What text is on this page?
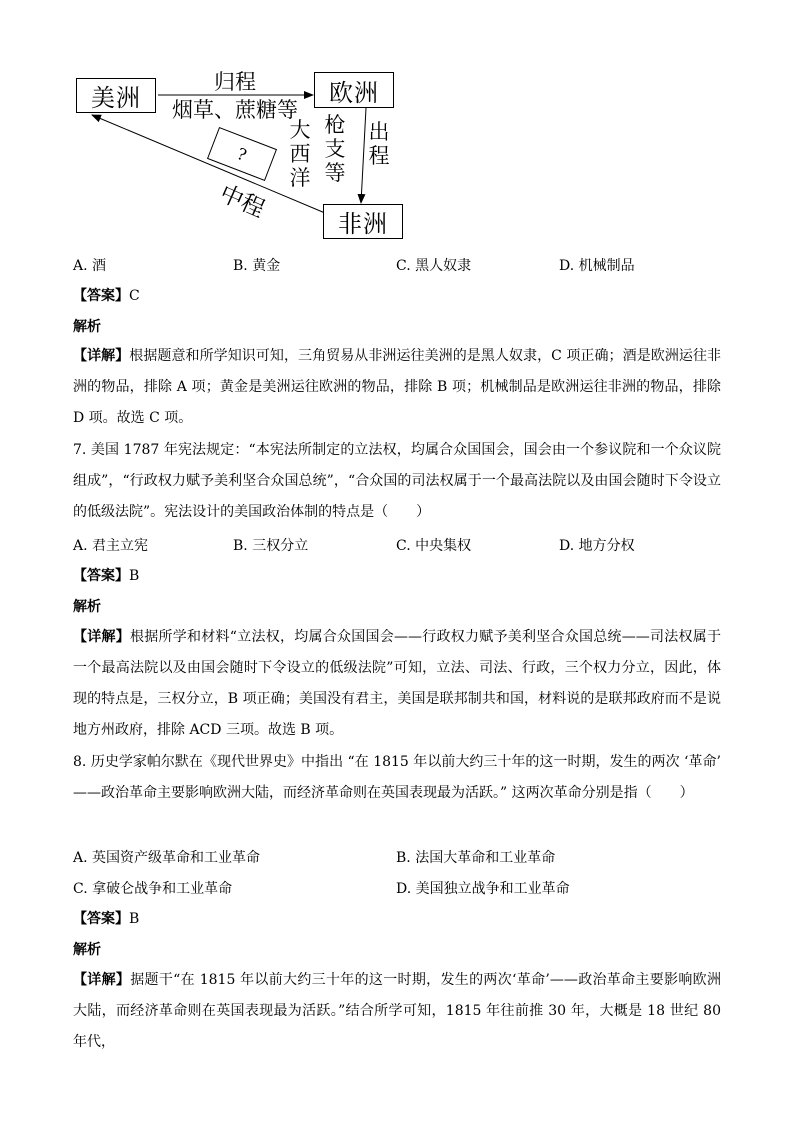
美洲	欧洲
非洲
归程
烟草、蔗糖等
大
西
洋
枪
支
等
出
程
?
中程
A. 酒	B. 黄金	C. 黑人奴隶	D. 机械制品
【答案】C
解析
【详解】根据题意和所学知识可知，三角贸易从非洲运往美洲的是黑人奴隶，C 项正确；酒是欧洲运往非洲的物品，排除 A 项；黄金是美洲运往欧洲的物品，排除 B 项；机械制品是欧洲运往非洲的物品，排除 D 项。故选 C 项。
7. 美国 1787 年宪法规定：“本宪法所制定的立法权，均属合众国国会，国会由一个参议院和一个众议院组成”，“行政权力赋予美利坚合众国总统”，“合众国的司法权属于一个最高法院以及由国会随时下令设立的低级法院”。宪法设计的美国政治体制的特点是（　　）
A. 君主立宪	B. 三权分立	C. 中央集权	D. 地方分权
【答案】B
解析
【详解】根据所学和材料“立法权，均属合众国国会——行政权力赋予美利坚合众国总统——司法权属于一个最高法院以及由国会随时下令设立的低级法院”可知，立法、司法、行政，三个权力分立，因此，体现的特点是，三权分立，B 项正确；美国没有君主，美国是联邦制共和国，材料说的是联邦政府而不是说地方州政府，排除 ACD 三项。故选 B 项。
8. 历史学家帕尔默在《现代世界史》中指出 “在 1815 年以前大约三十年的这一时期，发生的两次 ‘革命’ ——政治革命主要影响欧洲大陆，而经济革命则在英国表现最为活跃。” 这两次革命分别是指（　　）
A. 英国资产级革命和工业革命	B. 法国大革命和工业革命
C. 拿破仑战争和工业革命	D. 美国独立战争和工业革命
【答案】B
解析
【详解】据题干“在 1815 年以前大约三十年的这一时期，发生的两次‘革命’——政治革命主要影响欧洲大陆，而经济革命则在英国表现最为活跃。”结合所学可知，1815 年往前推 30 年，大概是 18 世纪 80 年代，
